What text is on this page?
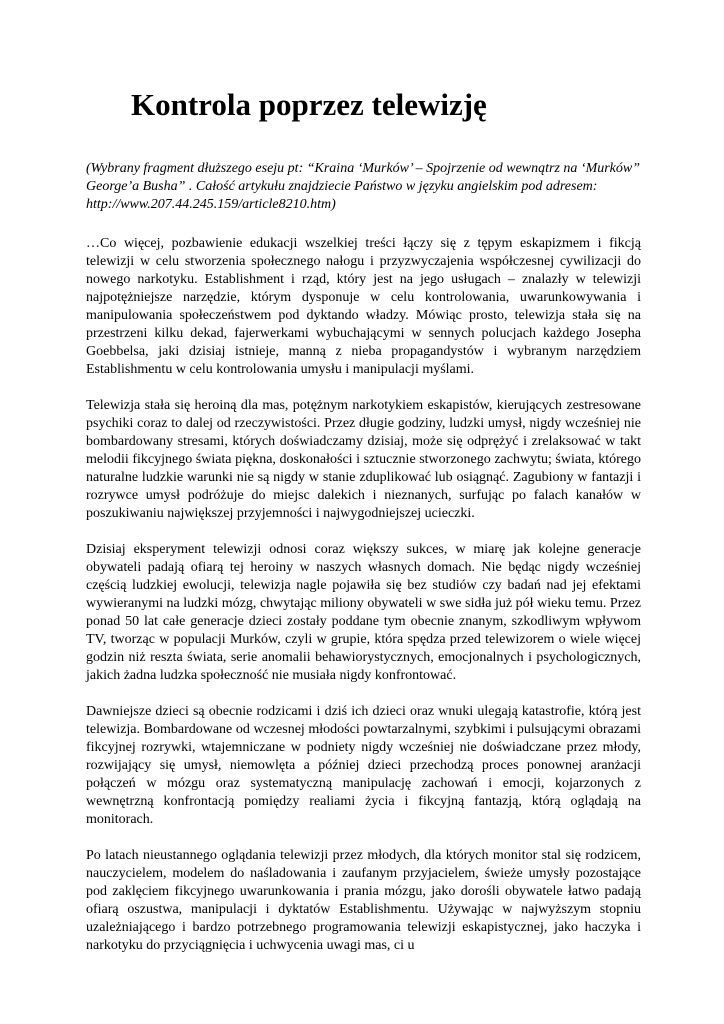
Kontrola poprzez telewizję

(Wybrany fragment dłuższego eseju pt: “Kraina ‘Murków’ – Spojrzenie od wewnątrz na ‘Murków” George’a Busha” . Całość artykułu znajdziecie Państwo w języku angielskim pod adresem: http://www.207.44.245.159/article8210.htm)

…Co więcej, pozbawienie edukacji wszelkiej treści łączy się z tępym eskapizmem i fikcją telewizji w celu stworzenia społecznego nałogu i przyzwyczajenia współczesnej cywilizacji do nowego narkotyku. Establishment i rząd, który jest na jego usługach – znalazły w telewizji najpotężniejsze narzędzie, którym dysponuje w celu kontrolowania, uwarunkowywania i manipulowania społeczeństwem pod dyktando władzy. Mówiąc prosto, telewizja stała się na przestrzeni kilku dekad, fajerwerkami wybuchającymi w sennych polucjach każdego Josepha Goebbelsa, jaki dzisiaj istnieje, manną z nieba propagandystów i wybranym narzędziem Establishmentu w celu kontrolowania umysłu i manipulacji myślami.

Telewizja stała się heroiną dla mas, potężnym narkotykiem eskapistów, kierujących zestresowane psychiki coraz to dalej od rzeczywistości. Przez długie godziny, ludzki umysł, nigdy wcześniej nie bombardowany stresami, których doświadczamy dzisiaj, może się odprężyć i zrelaksować w takt melodii fikcyjnego świata piękna, doskonałości i sztucznie stworzonego zachwytu; świata, którego naturalne ludzkie warunki nie są nigdy w stanie zduplikować lub osiągnąć. Zagubiony w fantazji i rozrywce umysł podróżuje do miejsc dalekich i nieznanych, surfując po falach kanałów w poszukiwaniu największej przyjemności i najwygodniejszej ucieczki.

Dzisiaj eksperyment telewizji odnosi coraz większy sukces, w miarę jak kolejne generacje obywateli padają ofiarą tej heroiny w naszych własnych domach. Nie będąc nigdy wcześniej częścią ludzkiej ewolucji, telewizja nagle pojawiła się bez studiów czy badań nad jej efektami wywieranymi na ludzki mózg, chwytając miliony obywateli w swe sidła już pół wieku temu. Przez ponad 50 lat całe generacje dzieci zostały poddane tym obecnie znanym, szkodliwym wpływom TV, tworząc w populacji Murków, czyli w grupie, która spędza przed telewizorem o wiele więcej godzin niż reszta świata, serie anomalii behawiorystycznych, emocjonalnych i psychologicznych, jakich żadna ludzka społeczność nie musiała nigdy konfrontować.

Dawniejsze dzieci są obecnie rodzicami i dziś ich dzieci oraz wnuki ulegają katastrofie, którą jest telewizja. Bombardowane od wczesnej młodości powtarzalnymi, szybkimi i pulsującymi obrazami fikcyjnej rozrywki, wtajemniczane w podniety nigdy wcześniej nie doświadczane przez młody, rozwijający się umysł, niemowlęta a później dzieci przechodzą proces ponownej aranżacji połączeń w mózgu oraz systematyczną manipulację zachowań i emocji, kojarzonych z wewnętrzną konfrontacją pomiędzy realiami życia i fikcyjną fantazją, którą oglądają na monitorach.

Po latach nieustannego oglądania telewizji przez młodych, dla których monitor stal się rodzicem, nauczycielem, modelem do naśladowania i zaufanym przyjacielem, świeże umysły pozostające pod zaklęciem fikcyjnego uwarunkowania i prania mózgu, jako dorośli obywatele łatwo padają ofiarą oszustwa, manipulacji i dyktatów Establishmentu. Używając w najwyższym stopniu uzależniającego i bardzo potrzebnego programowania telewizji eskapistycznej, jako haczyka i narkotyku do przyciągnięcia i uchwycenia uwagi mas, ci u
